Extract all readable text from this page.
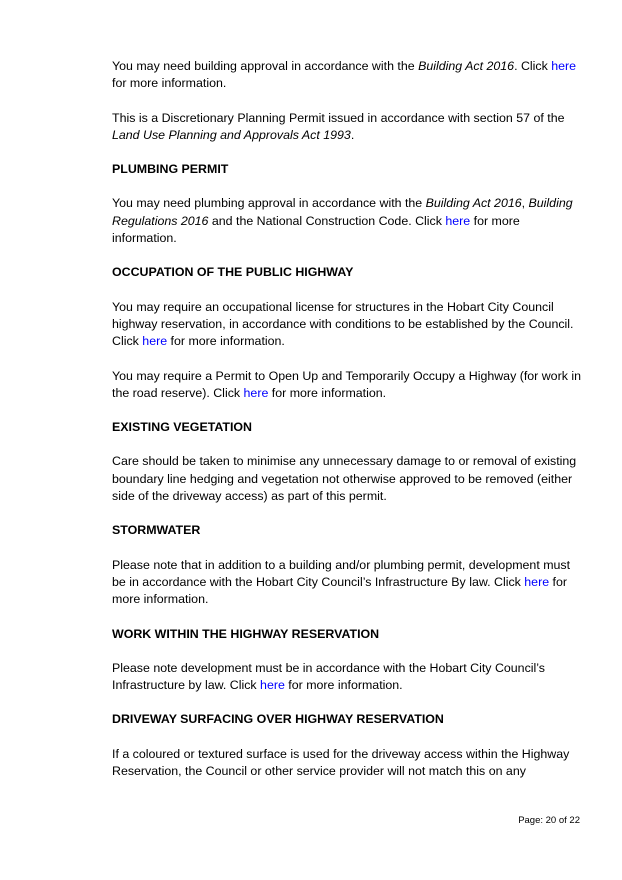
You may need building approval in accordance with the Building Act 2016. Click here for more information.

This is a Discretionary Planning Permit issued in accordance with section 57 of the Land Use Planning and Approvals Act 1993.

PLUMBING PERMIT

You may need plumbing approval in accordance with the Building Act 2016, Building Regulations 2016 and the National Construction Code. Click here for more information.

OCCUPATION OF THE PUBLIC HIGHWAY

You may require an occupational license for structures in the Hobart City Council highway reservation, in accordance with conditions to be established by the Council. Click here for more information.

You may require a Permit to Open Up and Temporarily Occupy a Highway (for work in the road reserve). Click here for more information.

EXISTING VEGETATION

Care should be taken to minimise any unnecessary damage to or removal of existing boundary line hedging and vegetation not otherwise approved to be removed (either side of the driveway access) as part of this permit.

STORMWATER

Please note that in addition to a building and/or plumbing permit, development must be in accordance with the Hobart City Council’s Infrastructure By law. Click here for more information.

WORK WITHIN THE HIGHWAY RESERVATION

Please note development must be in accordance with the Hobart City Council’s Infrastructure by law. Click here for more information.

DRIVEWAY SURFACING OVER HIGHWAY RESERVATION

If a coloured or textured surface is used for the driveway access within the Highway Reservation, the Council or other service provider will not match this on any

Page: 20 of 22
